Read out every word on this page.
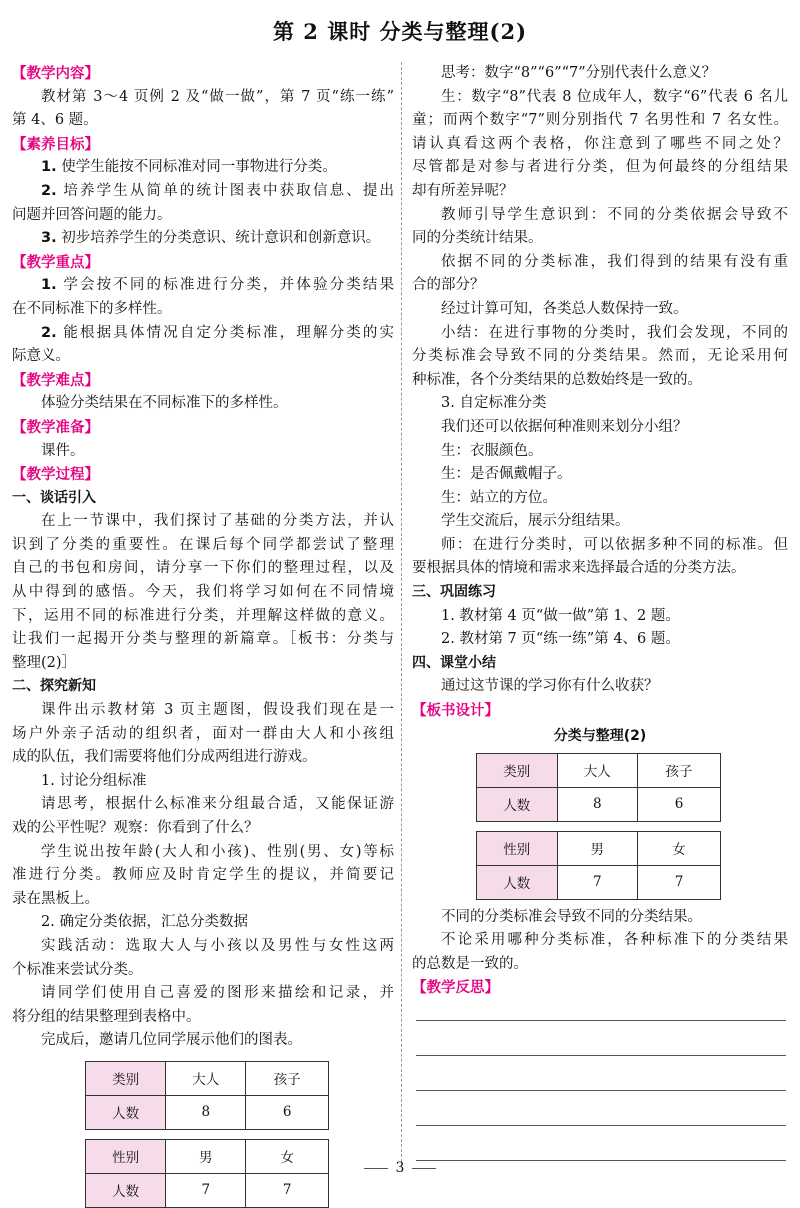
第 2 课时 分类与整理(2)
【教学内容】
教材第 3～4 页例 2 及“做一做”，第 7 页“练一练”
第 4、6 题。
【素养目标】
1. 使学生能按不同标准对同一事物进行分类。
2. 培养学生从简单的统计图表中获取信息、提出
问题并回答问题的能力。
3. 初步培养学生的分类意识、统计意识和创新意识。
【教学重点】
1. 学会按不同的标准进行分类，并体验分类结果
在不同标准下的多样性。
2. 能根据具体情况自定分类标准，理解分类的实
际意义。
【教学难点】
体验分类结果在不同标准下的多样性。
【教学准备】
课件。
【教学过程】
一、谈话引入
在上一节课中，我们探讨了基础的分类方法，并认
识到了分类的重要性。在课后每个同学都尝试了整理
自己的书包和房间，请分享一下你们的整理过程，以及
从中得到的感悟。今天，我们将学习如何在不同情境
下，运用不同的标准进行分类，并理解这样做的意义。
让我们一起揭开分类与整理的新篇章。［板书：分类与
整理(2)］
二、探究新知
课件出示教材第 3 页主题图，假设我们现在是一
场户外亲子活动的组织者，面对一群由大人和小孩组
成的队伍，我们需要将他们分成两组进行游戏。
1. 讨论分组标准
请思考，根据什么标准来分组最合适，又能保证游
戏的公平性呢？观察：你看到了什么？
学生说出按年龄(大人和小孩)、性别(男、女)等标
准进行分类。教师应及时肯定学生的提议，并简要记
录在黑板上。
2. 确定分类依据，汇总分类数据
实践活动：选取大人与小孩以及男性与女性这两
个标准来尝试分类。
请同学们使用自己喜爱的图形来描绘和记录，并
将分组的结果整理到表格中。
完成后，邀请几位同学展示他们的图表。
类别	大人	孩子
人数	8	6
性别	男	女
人数	7	7
思考：数字“8”“6”“7”分别代表什么意义？
生：数字“8”代表 8 位成年人，数字“6”代表 6 名儿
童；而两个数字“7”则分别指代 7 名男性和 7 名女性。
请认真看这两个表格，你注意到了哪些不同之处？
尽管都是对参与者进行分类，但为何最终的分组结果
却有所差异呢？
教师引导学生意识到：不同的分类依据会导致不
同的分类统计结果。
依据不同的分类标准，我们得到的结果有没有重
合的部分？
经过计算可知，各类总人数保持一致。
小结：在进行事物的分类时，我们会发现，不同的
分类标准会导致不同的分类结果。然而，无论采用何
种标准，各个分类结果的总数始终是一致的。
3. 自定标准分类
我们还可以依据何种准则来划分小组？
生：衣服颜色。
生：是否佩戴帽子。
生：站立的方位。
学生交流后，展示分组结果。
师：在进行分类时，可以依据多种不同的标准。但
要根据具体的情境和需求来选择最合适的分类方法。
三、巩固练习
1. 教材第 4 页“做一做”第 1、2 题。
2. 教材第 7 页“练一练”第 4、6 题。
四、课堂小结
通过这节课的学习你有什么收获？
【板书设计】
分类与整理(2)
类别	大人	孩子
人数	8	6
性别	男	女
人数	7	7
不同的分类标准会导致不同的分类结果。
不论采用哪种分类标准，各种标准下的分类结果
的总数是一致的。
【教学反思】
3
